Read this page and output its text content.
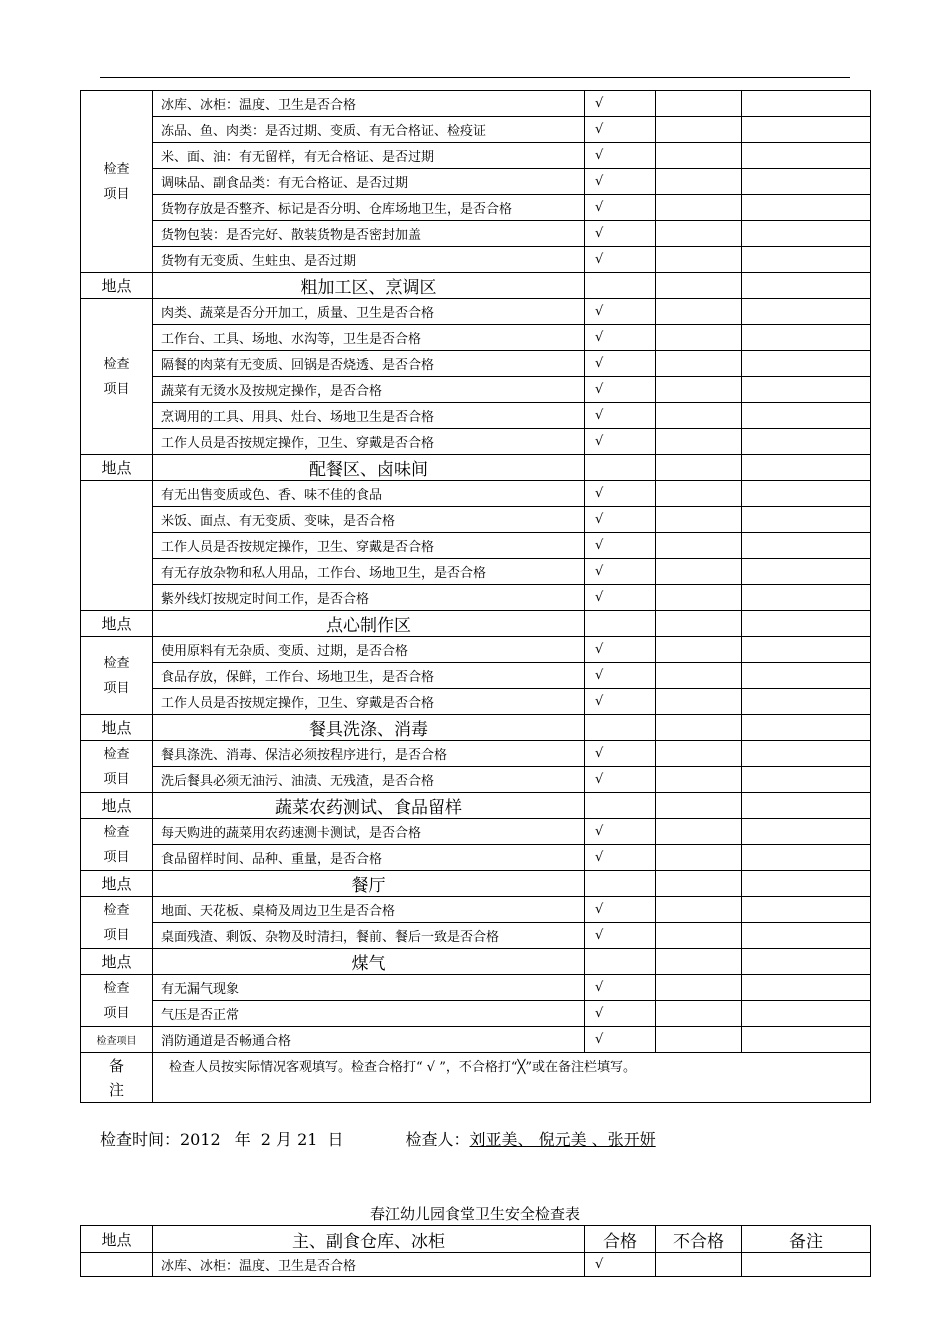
检查
项目	冰库、冰柜：温度、卫生是否合格	√		
	冻品、鱼、肉类：是否过期、变质、有无合格证、检疫证	√		
	米、面、油：有无留样，有无合格证、是否过期	√		
	调味品、副食品类：有无合格证、是否过期	√		
	货物存放是否整齐、标记是否分明、仓库场地卫生，是否合格	√		
	货物包装：是否完好、散装货物是否密封加盖	√		
	货物有无变质、生蛀虫、是否过期	√		
地点	粗加工区、烹调区			

检查
项目	肉类、蔬菜是否分开加工，质量、卫生是否合格	√		
	工作台、工具、场地、水沟等，卫生是否合格	√		
	隔餐的肉菜有无变质、回锅是否烧透、是否合格	√		
	蔬菜有无烫水及按规定操作，是否合格	√		
	烹调用的工具、用具、灶台、场地卫生是否合格	√		
	工作人员是否按规定操作，卫生、穿戴是否合格	√		
地点	配餐区、卤味间			
	有无出售变质或色、香、味不佳的食品	√		
	米饭、面点、有无变质、变味，是否合格	√		
	工作人员是否按规定操作，卫生、穿戴是否合格	√		
	有无存放杂物和私人用品，工作台、场地卫生，是否合格	√		
	紫外线灯按规定时间工作，是否合格	√		
地点	点心制作区			

检查
项目	使用原料有无杂质、变质、过期，是否合格	√		
	食品存放，保鲜，工作台、场地卫生，是否合格	√		
	工作人员是否按规定操作，卫生、穿戴是否合格	√		
地点	餐具洗涤、消毒			

检查
项目	餐具涤洗、消毒、保洁必须按程序进行，是否合格	√		
	洗后餐具必须无油污、油渍、无残渣，是否合格	√		
地点	蔬菜农药测试、食品留样			

检查
项目	每天购进的蔬菜用农药速测卡测试，是否合格	√		
	食品留样时间、品种、重量，是否合格	√		
地点	餐厅			

检查
项目	地面、天花板、桌椅及周边卫生是否合格	√		
	桌面残渣、剩饭、杂物及时清扫，餐前、餐后一致是否合格	√		
地点	煤气			

检查
项目	有无漏气现象	√		
	气压是否正常	√		
检查项目	消防通道是否畅通合格	√		

备
注	检查人员按实际情况客观填写。检查合格打“ √ ”，不合格打“╳”或在备注栏填写。			
检查时间：2012 年 2 月 21 日	检查人：刘亚美、 倪元美 、张开妍
春江幼儿园食堂卫生安全检查表
地点	主、副食仓库、冰柜	合格	不合格	备注
	冰库、冰柜：温度、卫生是否合格	√		
